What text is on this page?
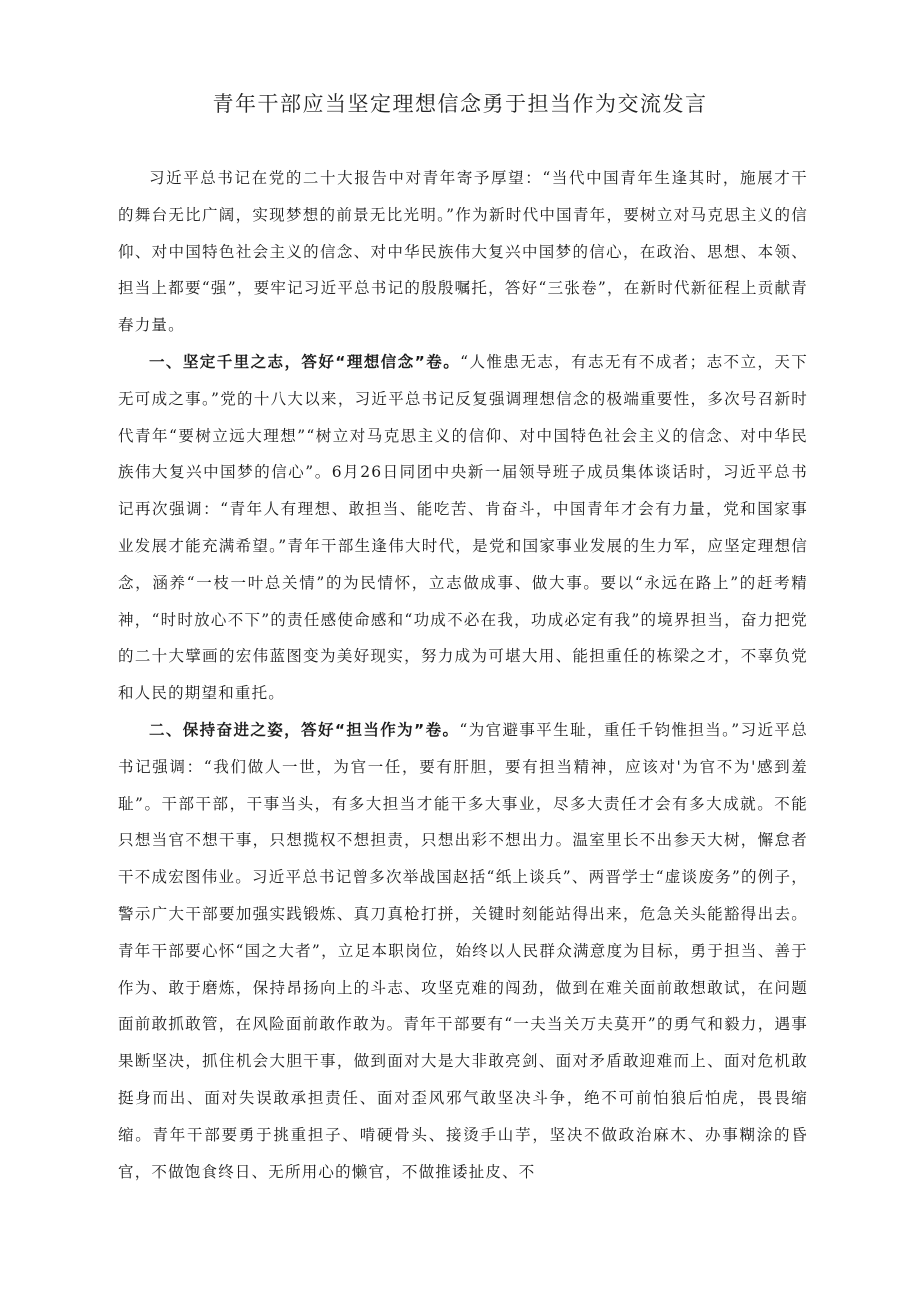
青年干部应当坚定理想信念勇于担当作为交流发言

习近平总书记在党的二十大报告中对青年寄予厚望：“当代中国青年生逢其时，施展才干的舞台无比广阔，实现梦想的前景无比光明。”作为新时代中国青年，要树立对马克思主义的信仰、对中国特色社会主义的信念、对中华民族伟大复兴中国梦的信心，在政治、思想、本领、担当上都要“强”，要牢记习近平总书记的殷殷嘱托，答好“三张卷”，在新时代新征程上贡献青春力量。

一、坚定千里之志，答好“理想信念”卷。“人惟患无志，有志无有不成者；志不立，天下无可成之事。”党的十八大以来，习近平总书记反复强调理想信念的极端重要性，多次号召新时代青年“要树立远大理想”“树立对马克思主义的信仰、对中国特色社会主义的信念、对中华民族伟大复兴中国梦的信心”。6月26日同团中央新一届领导班子成员集体谈话时，习近平总书记再次强调：“青年人有理想、敢担当、能吃苦、肯奋斗，中国青年才会有力量，党和国家事业发展才能充满希望。”青年干部生逢伟大时代，是党和国家事业发展的生力军，应坚定理想信念，涵养“一枝一叶总关情”的为民情怀，立志做成事、做大事。要以“永远在路上”的赶考精神，“时时放心不下”的责任感使命感和“功成不必在我，功成必定有我”的境界担当，奋力把党的二十大擘画的宏伟蓝图变为美好现实，努力成为可堪大用、能担重任的栋梁之才，不辜负党和人民的期望和重托。

二、保持奋进之姿，答好“担当作为”卷。“为官避事平生耻，重任千钧惟担当。”习近平总书记强调：“我们做人一世，为官一任，要有肝胆，要有担当精神，应该对'为官不为'感到羞耻”。干部干部，干事当头，有多大担当才能干多大事业，尽多大责任才会有多大成就。不能只想当官不想干事，只想揽权不想担责，只想出彩不想出力。温室里长不出参天大树，懈怠者干不成宏图伟业。习近平总书记曾多次举战国赵括“纸上谈兵”、两晋学士“虚谈废务”的例子，警示广大干部要加强实践锻炼、真刀真枪打拼，关键时刻能站得出来，危急关头能豁得出去。青年干部要心怀“国之大者”，立足本职岗位，始终以人民群众满意度为目标，勇于担当、善于作为、敢于磨炼，保持昂扬向上的斗志、攻坚克难的闯劲，做到在难关面前敢想敢试，在问题面前敢抓敢管，在风险面前敢作敢为。青年干部要有“一夫当关万夫莫开”的勇气和毅力，遇事果断坚决，抓住机会大胆干事，做到面对大是大非敢亮剑、面对矛盾敢迎难而上、面对危机敢挺身而出、面对失误敢承担责任、面对歪风邪气敢坚决斗争，绝不可前怕狼后怕虎，畏畏缩缩。青年干部要勇于挑重担子、啃硬骨头、接烫手山芋，坚决不做政治麻木、办事糊涂的昏官，不做饱食终日、无所用心的懒官，不做推诿扯皮、不
